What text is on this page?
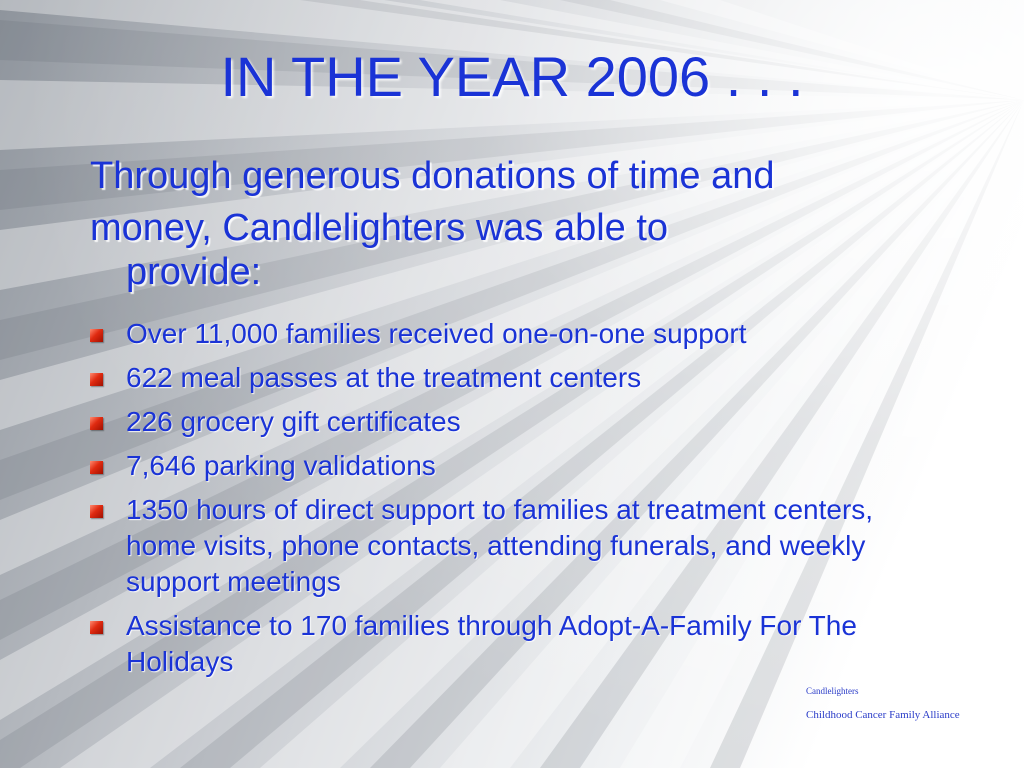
IN THE YEAR 2006 . . .
Through generous donations of time and
money, Candlelighters was able to
provide:
Over 11,000 families received one-on-one support
622 meal passes at the treatment centers
226 grocery gift certificates
7,646 parking validations
1350 hours of direct support to families at treatment centers, home visits, phone contacts, attending funerals, and weekly support meetings
Assistance to 170 families through Adopt-A-Family For The Holidays
Candlelighters
Childhood Cancer Family Alliance
